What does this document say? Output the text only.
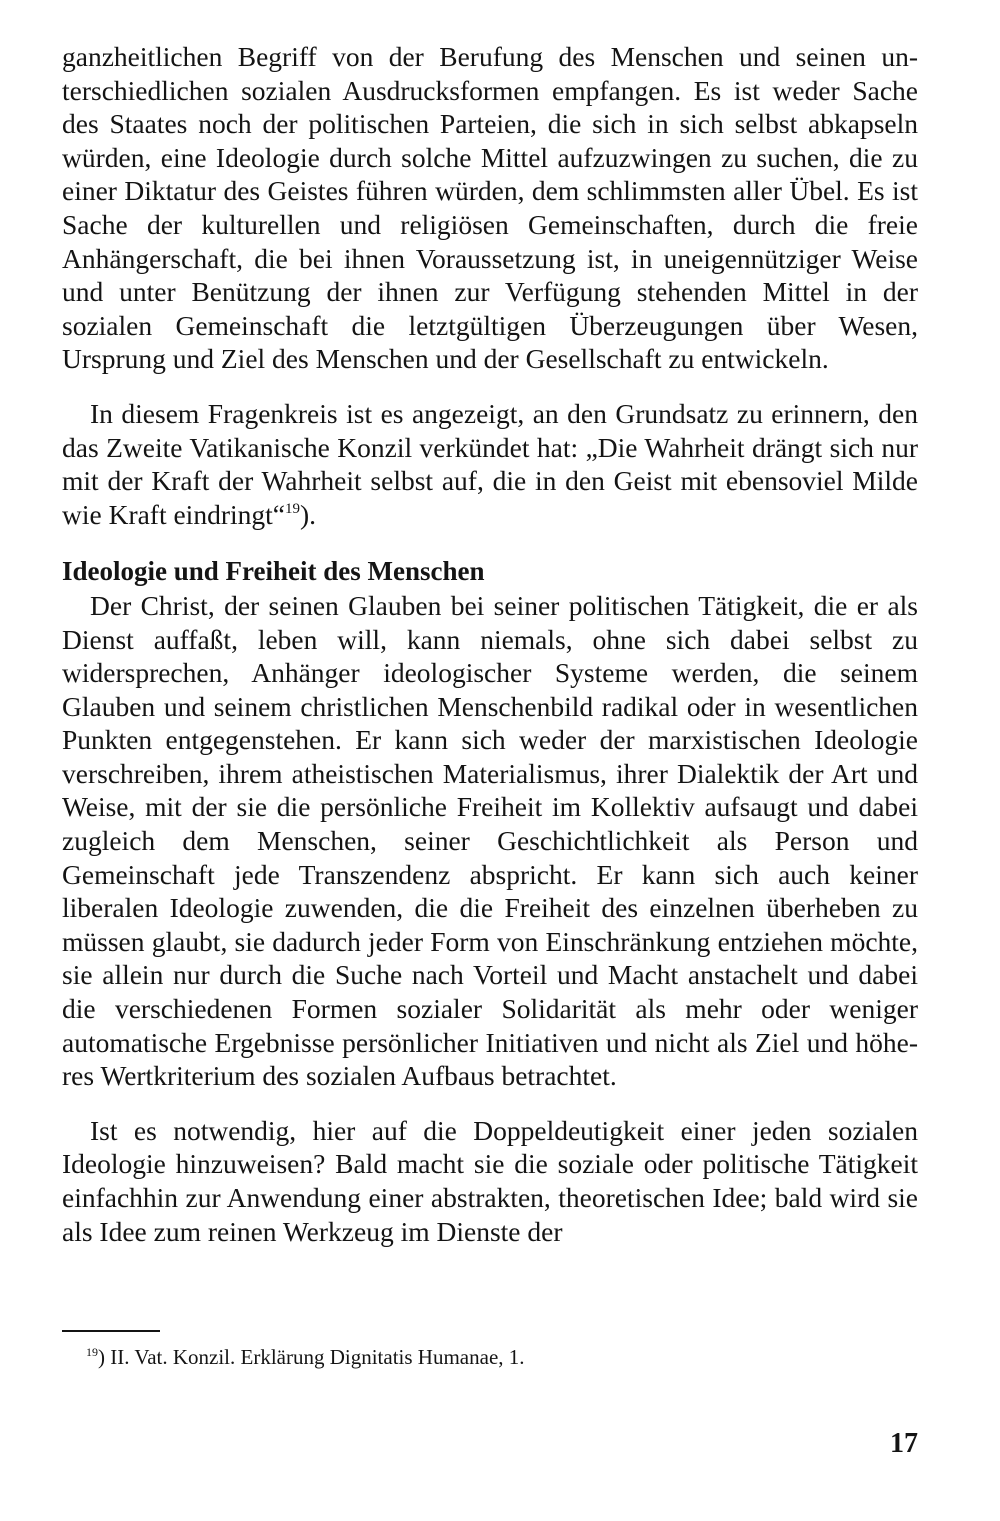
ganzheitlichen Begriff von der Berufung des Menschen und seinen unterschiedlichen sozialen Ausdrucksformen empfangen. Es ist weder Sache des Staates noch der politischen Parteien, die sich in sich selbst abkapseln würden, eine Ideologie durch solche Mittel aufzuzwingen zu suchen, die zu einer Diktatur des Geistes führen würden, dem schlimmsten aller Übel. Es ist Sache der kulturellen und religiösen Gemeinschaften, durch die freie Anhängerschaft, die bei ihnen Voraussetzung ist, in uneigennütziger Weise und unter Benützung der ihnen zur Verfügung stehenden Mittel in der sozialen Gemeinschaft die letztgültigen Überzeugungen über Wesen, Ursprung und Ziel des Menschen und der Gesellschaft zu entwickeln.

In diesem Fragenkreis ist es angezeigt, an den Grundsatz zu erinnern, den das Zweite Vatikanische Konzil verkündet hat: „Die Wahrheit drängt sich nur mit der Kraft der Wahrheit selbst auf, die in den Geist mit ebensoviel Milde wie Kraft eindringt“$^{19}$).

Ideologie und Freiheit des Menschen

Der Christ, der seinen Glauben bei seiner politischen Tätigkeit, die er als Dienst auffaßt, leben will, kann niemals, ohne sich dabei selbst zu widersprechen, Anhänger ideologischer Systeme werden, die seinem Glauben und seinem christlichen Menschenbild radikal oder in wesentlichen Punkten entgegenstehen. Er kann sich weder der marxistischen Ideologie verschreiben, ihrem atheistischen Materialismus, ihrer Dialektik der Art und Weise, mit der sie die persönliche Freiheit im Kollektiv aufsaugt und dabei zugleich dem Menschen, seiner Geschichtlichkeit als Person und Gemeinschaft jede Transzendenz abspricht. Er kann sich auch keiner liberalen Ideologie zuwenden, die die Freiheit des einzelnen überheben zu müssen glaubt, sie dadurch jeder Form von Einschränkung entziehen möchte, sie allein nur durch die Suche nach Vorteil und Macht anstachelt und dabei die verschiedenen Formen sozialer Solidarität als mehr oder weniger automatische Ergebnisse persönlicher Initiativen und nicht als Ziel und höheres Wertkriterium des sozialen Aufbaus betrachtet.

Ist es notwendig, hier auf die Doppeldeutigkeit einer jeden sozialen Ideologie hinzuweisen? Bald macht sie die soziale oder politische Tätigkeit einfachhin zur Anwendung einer abstrakten, theoretischen Idee; bald wird sie als Idee zum reinen Werkzeug im Dienste der

$^{19}$) II. Vat. Konzil. Erklärung Dignitatis Humanae, 1.
17
